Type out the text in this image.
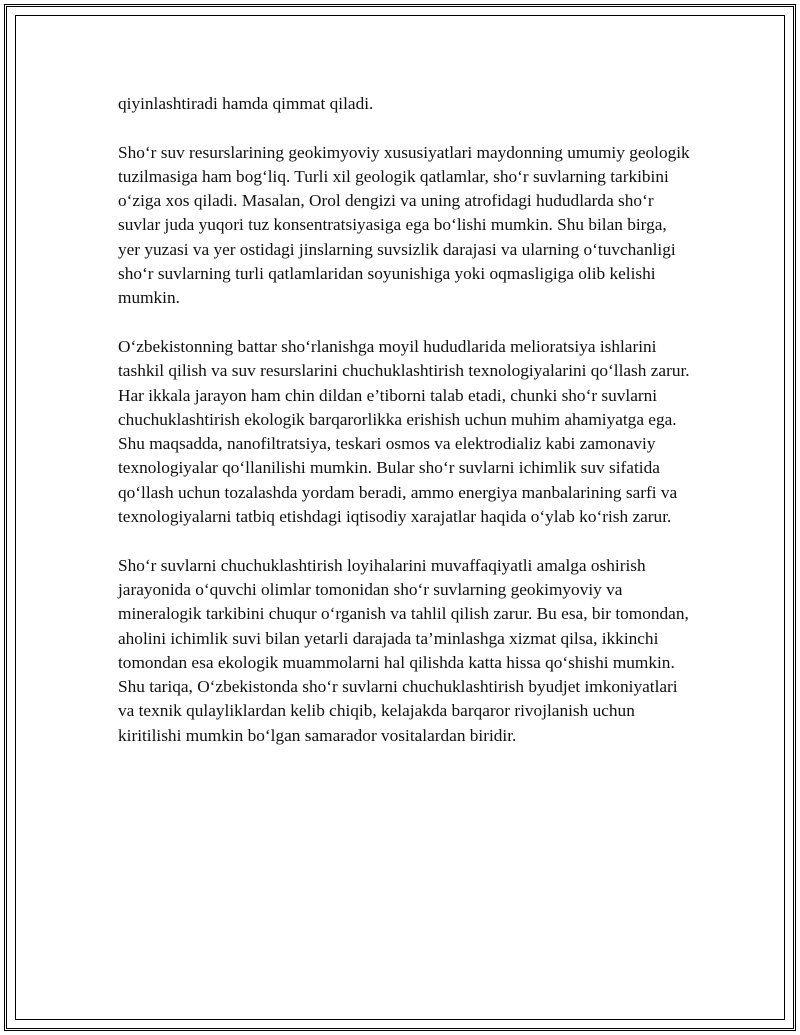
qiyinlashtiradi hamda qimmat qiladi.

Sho‘r suv resurslarining geokimyoviy xususiyatlari maydonning umumiy geologik tuzilmasiga ham bog‘liq. Turli xil geologik qatlamlar, sho‘r suvlarning tarkibini o‘ziga xos qiladi. Masalan, Orol dengizi va uning atrofidagi hududlarda sho‘r suvlar juda yuqori tuz konsentratsiyasiga ega bo‘lishi mumkin. Shu bilan birga, yer yuzasi va yer ostidagi jinslarning suvsizlik darajasi va ularning o‘tuvchanligi sho‘r suvlarning turli qatlamlaridan soyunishiga yoki oqmasligiga olib kelishi mumkin.

O‘zbekistonning battar sho‘rlanishga moyil hududlarida melioratsiya ishlarini tashkil qilish va suv resurslarini chuchuklashtirish texnologiyalarini qo‘llash zarur. Har ikkala jarayon ham chin dildan e’tiborni talab etadi, chunki sho‘r suvlarni chuchuklashtirish ekologik barqarorlikka erishish uchun muhim ahamiyatga ega. Shu maqsadda, nanofiltratsiya, teskari osmos va elektrodializ kabi zamonaviy texnologiyalar qo‘llanilishi mumkin. Bular sho‘r suvlarni ichimlik suv sifatida qo‘llash uchun tozalashda yordam beradi, ammo energiya manbalarining sarfi va texnologiyalarni tatbiq etishdagi iqtisodiy xarajatlar haqida o‘ylab ko‘rish zarur.

Sho‘r suvlarni chuchuklashtirish loyihalarini muvaffaqiyatli amalga oshirish jarayonida o‘quvchi olimlar tomonidan sho‘r suvlarning geokimyoviy va mineralogik tarkibini chuqur o‘rganish va tahlil qilish zarur. Bu esa, bir tomondan, aholini ichimlik suvi bilan yetarli darajada ta’minlashga xizmat qilsa, ikkinchi tomondan esa ekologik muammolarni hal qilishda katta hissa qo‘shishi mumkin. Shu tariqa, O‘zbekistonda sho‘r suvlarni chuchuklashtirish byudjet imkoniyatlari va texnik qulayliklardan kelib chiqib, kelajakda barqaror rivojlanish uchun kiritilishi mumkin bo‘lgan samarador vositalardan biridir.
